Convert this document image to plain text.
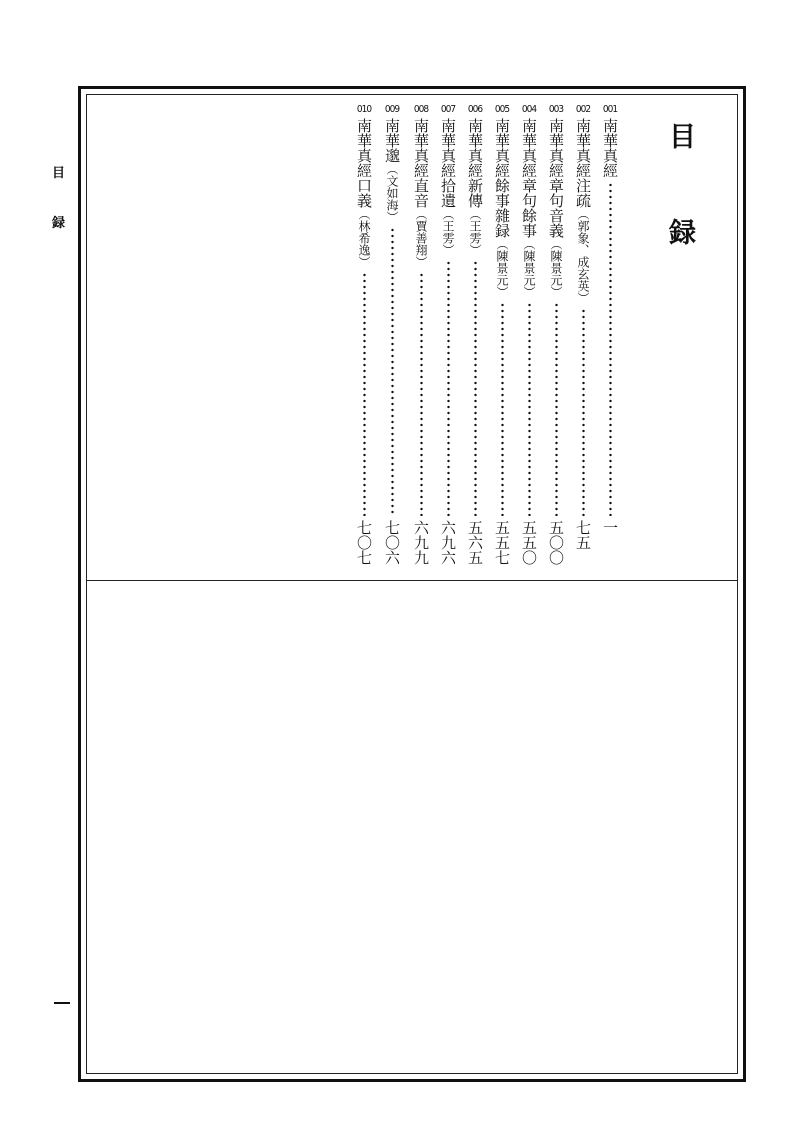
目
録	目 録
001
南華真經
一
002
南華真經注疏
（郭象、成玄英）
七五
003
南華真經章句音義
（陳景元）
五〇〇
004
南華真經章句餘事
（陳景元）
五五〇
005
南華真經餘事雜録
（陳景元）
五五七
006
南華真經新傳
（王雱）
五六五
007
南華真經拾遺
（王雱）
六九六
008
南華真經直音
（賈善翔）
六九九
009
南華邈
（文如海）
七〇六
010
南華真經口義
（林希逸）
七〇七
